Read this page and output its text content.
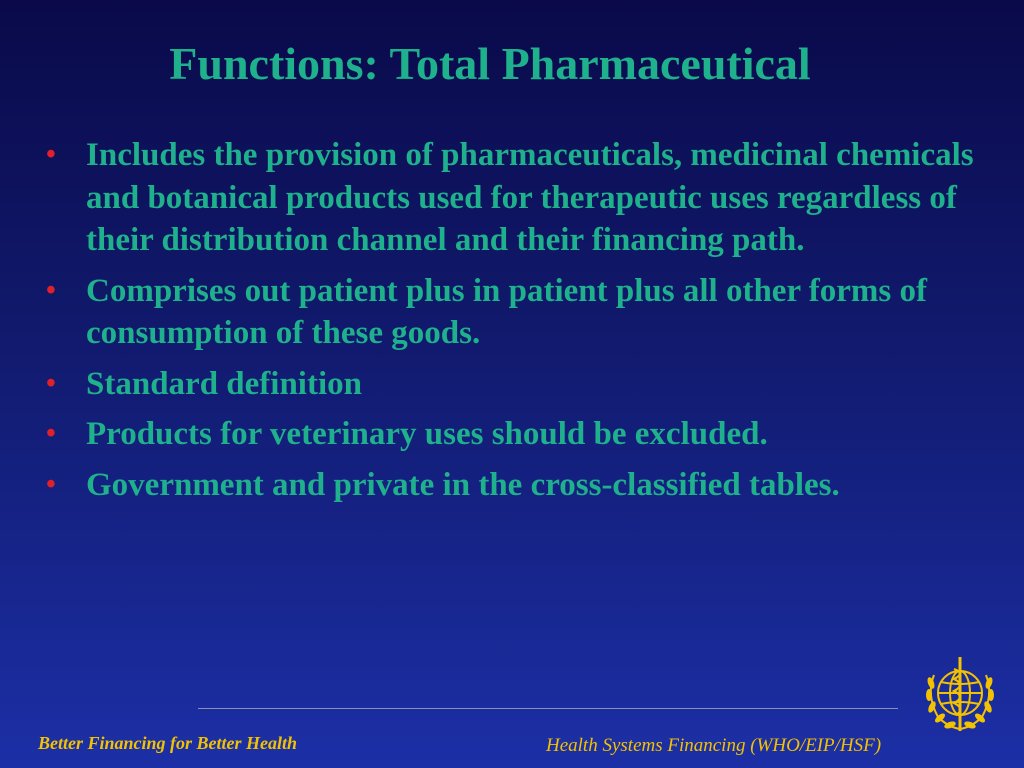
Functions: Total Pharmaceutical
• Includes the provision of pharmaceuticals, medicinal chemicals and botanical products used for therapeutic uses regardless of their distribution channel and their financing path.
• Comprises out patient plus in patient plus all other forms of consumption of these goods.
• Standard definition
• Products for veterinary uses should be excluded.
• Government and private in the cross-classified tables.
Better Financing for Better Health	Health Systems Financing (WHO/EIP/HSF)
